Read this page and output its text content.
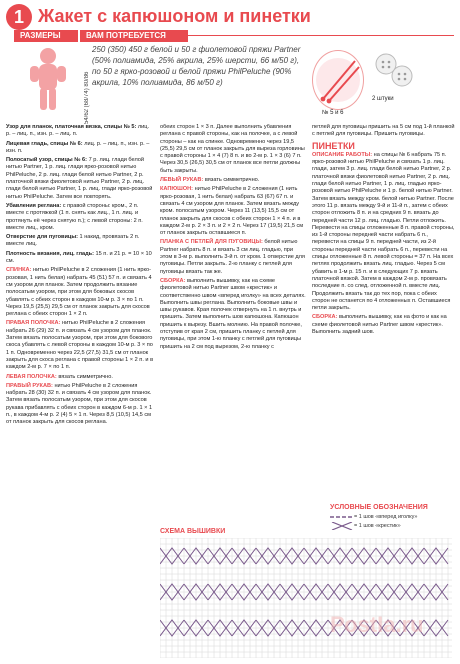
1 Жакет с капюшоном и пинетки
РАЗМЕРЫ	ВАМ ПОТРЕБУЕТСЯ
54/62 (68/74) 80/86
250 (350) 450 г белой и 50 г фиолетовой пряжи Partner (50% полиамида, 25% акрила, 25% шерсти, 66 м/50 г), по 50 г ярко-розовой и белой пряжи PhilPeluche (90% акрила, 10% полиамида, 86 м/50 г)
№ 5 и 6
2 штуки

Узор для планок, платочная вязка, спицы № 5: лиц. р. – лиц. п., изн. р. – лиц. п.

Лицевая гладь, спицы № 6: лиц. р. – лиц. п., изн. р. – изн. п.

Полосатый узор, спицы № 6: 7 р. лиц. глади белой нитью Partner, 1 р. лиц. глади ярко-розовой нитью PhilPeluche, 2 р. лиц. глади белой нитью Partner, 2 р. платочной вязки фиолетовой нитью Partner, 2 р. лиц. глади белой нитью Partner, 1 р. лиц. глади ярко-розовой нитью PhilPeluche. Затем все повторять.

Убавления реглана: с правой стороны: кром., 2 п. вместе с протяжкой (1 п. снять как лиц., 1 п. лиц. и протянуть её через снятую п.); с левой стороны: 2 п. вместе лиц., кром.

Отверстие для пуговицы: 1 накид, провязать 2 п. вместе лиц.

Плотность вязания, лиц. гладь: 15 п. и 21 р. = 10 × 10 см.

СПИНКА: нитью PhilPeluche в 2 сложения (1 нить ярко-розовая, 1 нить белая) набрать 45 (51) 57 п. и связать 4 см узором для планок. Затем продолжить вязание полосатым узором, при этом для боковых скосов убавлять с обеих сторон в каждом 10-м р. 3 × по 1 п. Через 19,5 (25,5) 29,5 см от планок закрыть для скосов реглана с обеих сторон 1 × 2 п.

ПРАВАЯ ПОЛОЧКА: нитью PhilPeluche в 2 сложения набрать 26 (29) 32 п. и связать 4 см узором для планок. Затем вязать полосатым узором, при этом для бокового скоса убавлять с левой стороны в каждом 10-м р. 3 × по 1 п. Одновременно через 22,5 (27,5) 31,5 см от планок закрыть для скоса реглана с правой стороны 1 × 2 п. и в каждом 2-м р. 7 × по 1 п.

ЛЕВАЯ ПОЛОЧКА: вязать симметрично.

ПРАВЫЙ РУКАВ: нитью PhilPeluche в 2 сложения набрать 28 (30) 32 п. и связать 4 см узором для планок. Затем вязать полосатым узором, при этом для скосов рукава прибавлять с обеих сторон в каждом 6-м р. 1 × 1 п., в каждом 4-м р. 2 (4) 5 × 1 п. Через 8,5 (10,5) 14,5 см от планок закрыть для скосов реглана.

обеих сторон 1 × 3 п. Далее выполнить убавления реглана с правой стороны, как на полочке, а с левой стороны – как на спинке. Одновременно через 19,5 (25,5) 29,5 см от планок закрыть для выреза горловины с правой стороны 1 × 4 (7) 8 п. и во 2-м р. 1 × 3 (6) 7 п. Через 30,5 (26,5) 30,5 см от планок все петли должны быть закрыты.

ЛЕВЫЙ РУКАВ: вязать симметрично.

КАПЮШОН: нитью PhilPeluche в 2 сложения (1 нить ярко-розовая, 1 нить белая) набрать 63 (67) 67 п. и связать 4 см узором для планок. Затем вязать между кром. полосатым узором. Через 11 (13,5) 15,5 см от планок закрыть для скосов с обеих сторон 1 × 4 п. и в каждом 2-м р. 2 × 3 п. и 2 × 2 п. Через 17 (19,5) 21,5 см от планок закрыть оставшиеся п.

ПЛАНКА С ПЕТЛЕЙ ДЛЯ ПУГОВИЦЫ: белой нитью Partner набрать 8 п. и вязать 3 см лиц. гладью, при этом в 3-м р. выполнить 3-й п. от кром. 1 отверстие для пуговицы. Петли закрыть. 2-ю планку с петлей для пуговицы вязать так же.

СБОРКА: выполнить вышивку, как на схеме фиолетовой нитью Partner швом «крестик» и соответственно швом «вперед иголку» на всех деталях. Выполнить швы реглана. Выполнить боковые швы и швы рукавов. Края полочек отвернуть на 1 п. внутрь и пришить. Затем выполнить шов капюшона. Капюшон пришить к вырезу. Вшить молнию. На правой полочке, отступив от края 2 см, пришить планку с петлей для пуговицы, при этом 1-ю планку с петлей для пуговицы пришить на 2 см под вырезом, 2-ю планку с

петлей для пуговицы пришить на 5 см под 1-й планкой с петлей для пуговицы. Пришить пуговицы.

ПИНЕТКИ

ОПИСАНИЕ РАБОТЫ: на спицы № 6 набрать 75 п. ярко-розовой нитью PhilPeluche и связать 1 р. лиц. глади, затем 3 р. лиц. глади белой нитью Partner, 2 р. платочной вязки фиолетовой нитью Partner, 2 р. лиц. глади белой нитью Partner, 1 р. лиц. гладью ярко-розовой нитью PhilPeluche и 1 р. белой нитью Partner. Затем вязать между кром. белой нитью Partner. После этого 11 р. вязать между 9-й и 11-й п., затем с обеих сторон отложить 8 п. и на средних 9 п. вязать до передней части 12 р. лиц. гладью. Петли отложить. Перевести на спицы отложенные 8 п. правой стороны, из 1-й стороны передней части набрать 6 п., перевести на спицы 9 п. передней части, из 2-й стороны передней части набрать 6 п., перевести на спицы отложенные 8 п. левой стороны = 37 п. На всех петлях продолжить вязать лиц. гладью. Через 5 см убавить в 1-м р. 15 п. и в следующих 7 р. вязать платочной вязкой. Затем в каждом 2-м р. провязать последние п. со след. отложенной п. вместе лиц. Продолжить вязать так до тех пор, пока с обеих сторон не останется по 4 отложенных п. Оставшиеся петли закрыть.

СБОРКА: выполнить вышивку, как на фото и как на схеме фиолетовой нитью Partner швом «крестик». Выполнить задний шов.

УСЛОВНЫЕ ОБОЗНАЧЕНИЯ
= 1 шов «вперед иголку»
= 1 шов «крестик»
СХЕМА ВЫШИВКИ
РоstІа.ru
